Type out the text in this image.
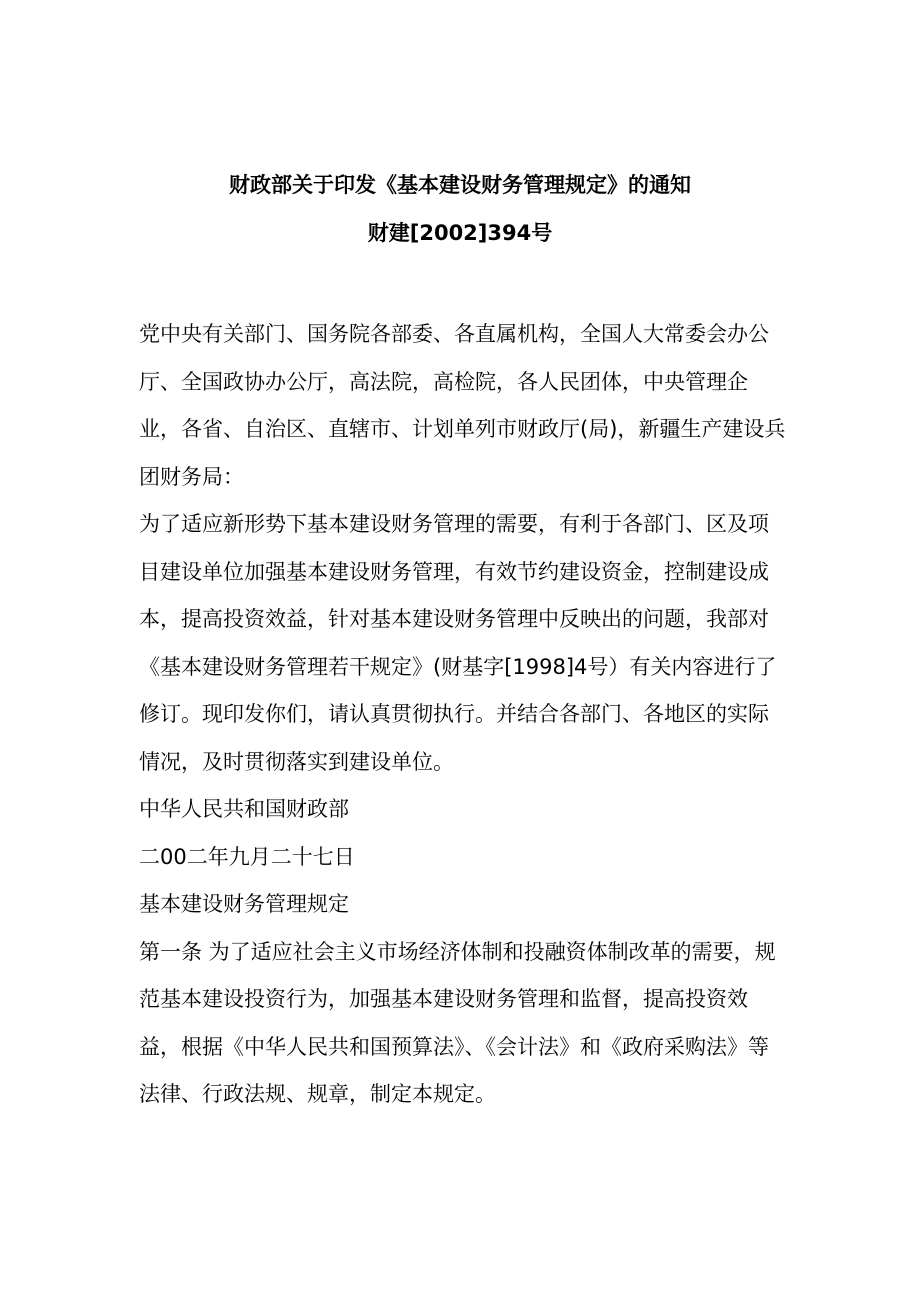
财政部关于印发《基本建设财务管理规定》的通知
财建[2002]394号

党中央有关部门、国务院各部委、各直属机构，全国人大常委会办公厅、全国政协办公厅，高法院，高检院，各人民团体，中央管理企业，各省、自治区、直辖市、计划单列市财政厅(局)，新疆生产建设兵团财务局：

为了适应新形势下基本建设财务管理的需要，有利于各部门、区及项目建设单位加强基本建设财务管理，有效节约建设资金，控制建设成本，提高投资效益，针对基本建设财务管理中反映出的问题，我部对《基本建设财务管理若干规定》(财基字[1998]4号）有关内容进行了修订。现印发你们，请认真贯彻执行。并结合各部门、各地区的实际情况，及时贯彻落实到建设单位。

中华人民共和国财政部

二00二年九月二十七日

基本建设财务管理规定

第一条 为了适应社会主义市场经济体制和投融资体制改革的需要，规范基本建设投资行为，加强基本建设财务管理和监督，提高投资效益，根据《中华人民共和国预算法》、《会计法》和《政府采购法》等法律、行政法规、规章，制定本规定。
